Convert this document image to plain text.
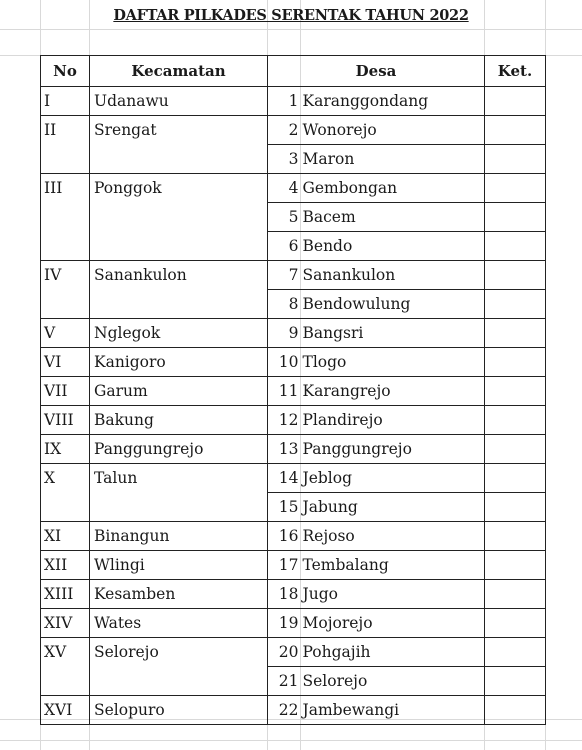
DAFTAR PILKADES SERENTAK TAHUN 2022
No	Kecamatan	Desa		Ket.
I	Udanawu	1	Karanggondang	
II	Srengat	2	Wonorejo	
		3	Maron	
III	Ponggok	4	Gembongan	
		5	Bacem	
		6	Bendo	
IV	Sanankulon	7	Sanankulon	
		8	Bendowulung	
V	Nglegok	9	Bangsri	
VI	Kanigoro	10	Tlogo	
VII	Garum	11	Karangrejo	
VIII	Bakung	12	Plandirejo	
IX	Panggungrejo	13	Panggungrejo	
X	Talun	14	Jeblog	
		15	Jabung	
XI	Binangun	16	Rejoso	
XII	Wlingi	17	Tembalang	
XIII	Kesamben	18	Jugo	
XIV	Wates	19	Mojorejo	
XV	Selorejo	20	Pohgajih	
		21	Selorejo	
XVI	Selopuro	22	Jambewangi	
